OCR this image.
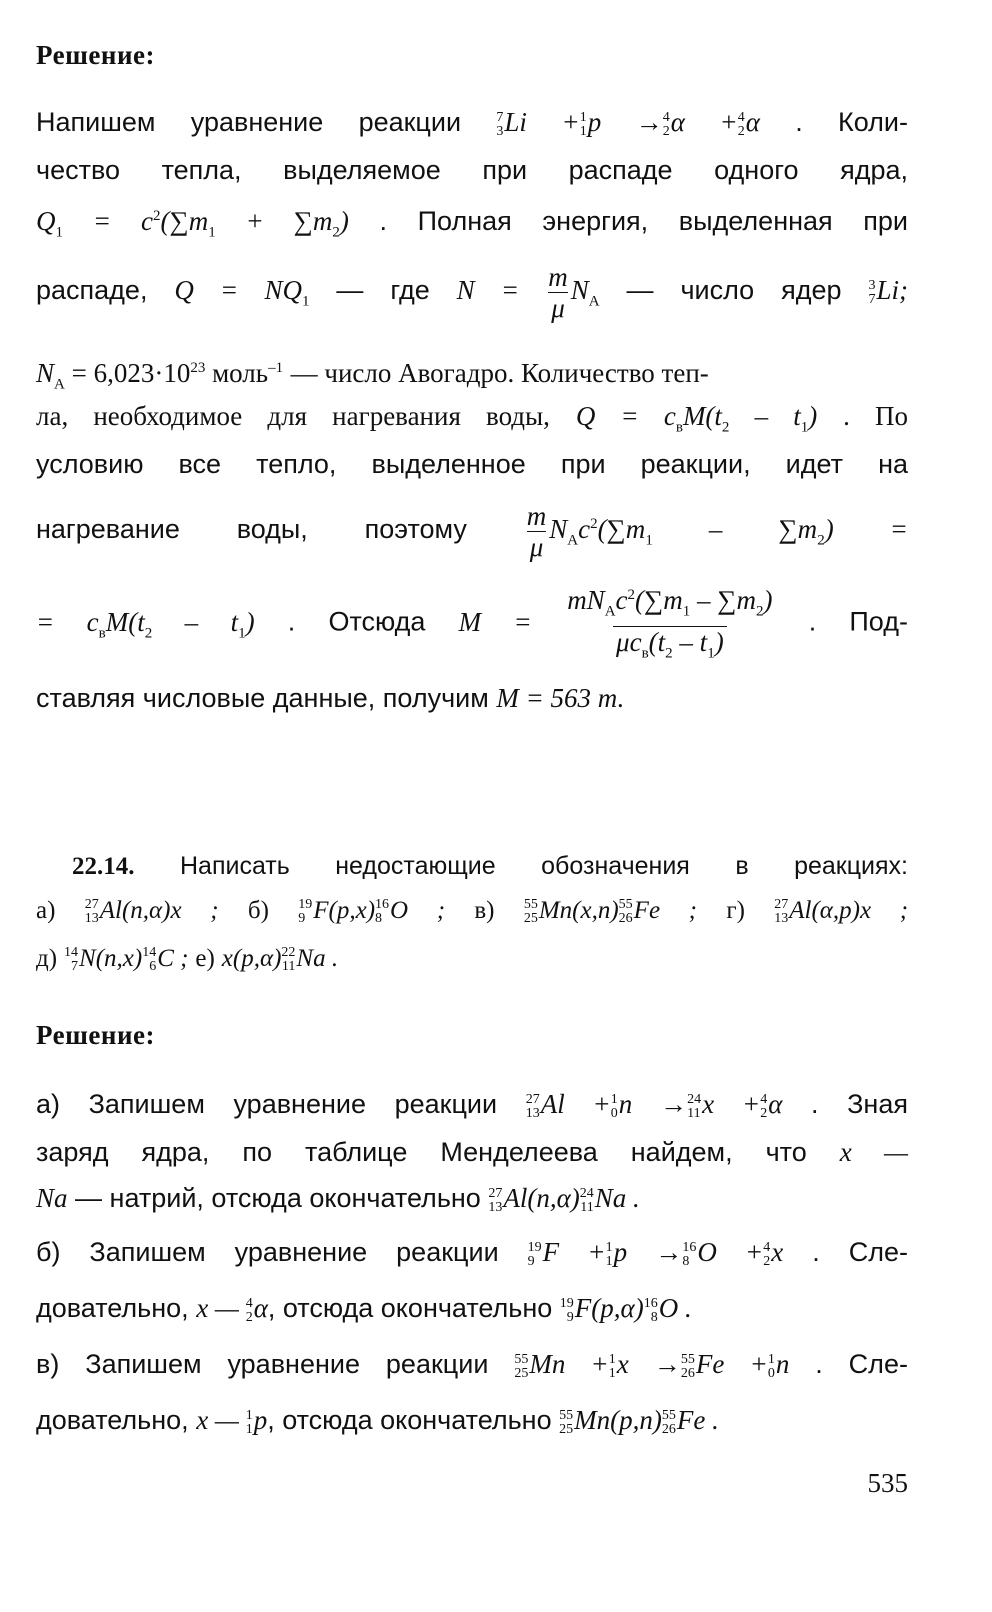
Решение:
Напишем уравнение реакции	7
3 Li + 1
1 p → 4
2 α + 4
2 α . Коли-
чество тепла, выделяемое при распаде одного ядра,
$Q_1 = c^2(\sum m_1 + \sum m_2)$ . Полная энергия, выделенная при
распаде, $Q = NQ_1$ — где $N = \frac{m}{\mu} N_A$ — число ядер 3
7 Li;
$N_A = 6,023\cdot 10^{23}$ моль$^{-1}$ — число Авогадро. Количество теп-
ла, необходимое для нагревания воды, $Q = c_вM(t_2 - t_1)$ . По
условию все тепло, выделенное при реакции, идет на
нагревание воды, поэтому $\frac{m}{\mu} N_Ac^2(\sum m_1 - \sum m_2)$ =
= $c_вM(t_2 - t_1)$ . Отсюда $M = \frac{mN_Ac^2(\sum m_1 - \sum m_2)}{\mu c_в(t_2 - t_1)}$ . Под-
ставляя числовые данные, получим M = 563 т.
22.14. Написать недостающие обозначения в реакциях:
а) 27
13 Al(n,α)x ; б) 19
9 F(p,x) 16
8 O ; в) 55
25 Mn(x,n) 55
26 Fe ; г) 27
13 Al(α,p)x ;
д) 14
7 N(n,x) 14
6 C ; е) x(p,α) 22
11 Na .
Решение:
а) Запишем уравнение реакции 27
13 Al + 1
0 n → 24
11 x + 4
2 α . Зная
заряд ядра, по таблице Менделеева найдем, что x —
Na — натрий, отсюда окончательно 27
13 Al(n,α) 24
11 Na .
б) Запишем уравнение реакции 19
9 F + 1
1 p → 16
8 O + 4
2 x . Сле-
довательно, x — 4
2 α, отсюда окончательно 19
9 F(p,α) 16
8 O .
в) Запишем уравнение реакции 55
25 Mn + 1
1 x → 55
26 Fe + 1
0 n . Сле-
довательно, x — 1
1 p, отсюда окончательно 55
25 Mn(p,n) 55
26 Fe .
535
